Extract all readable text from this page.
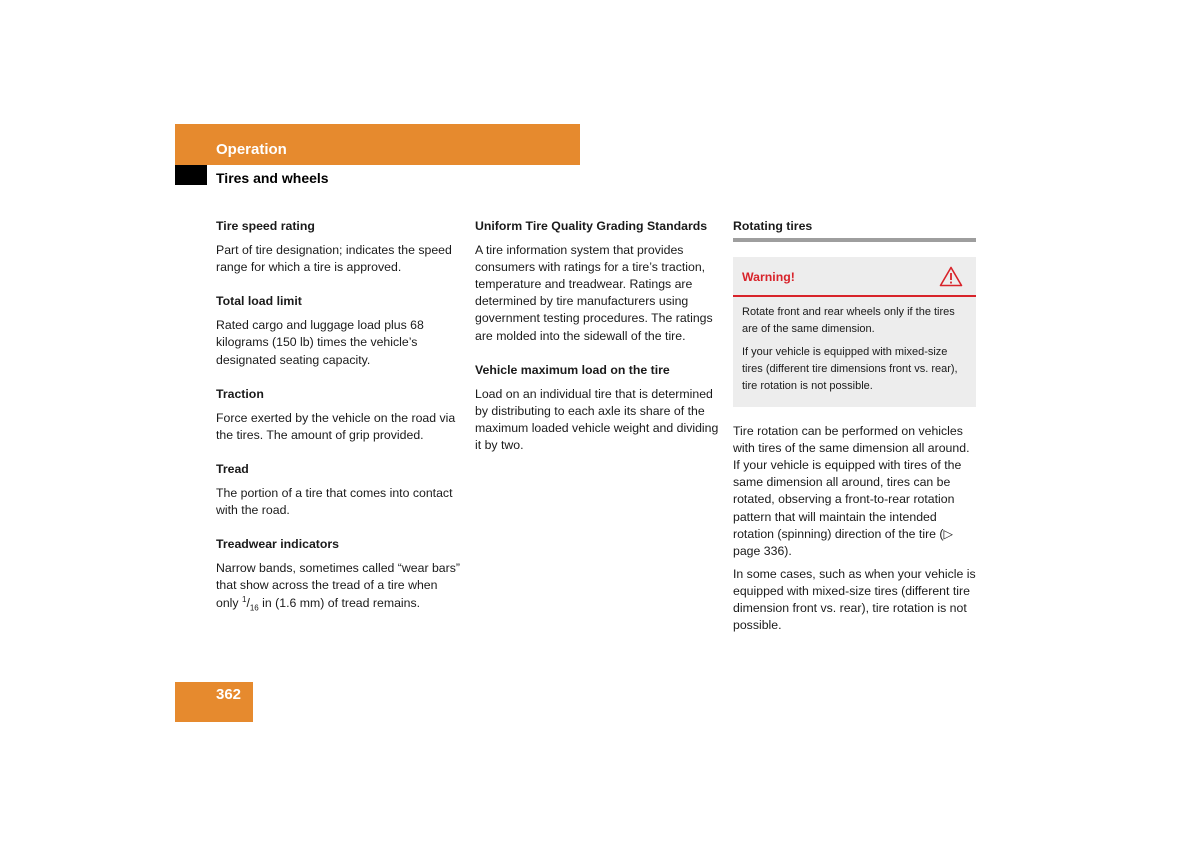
Operation
Tires and wheels

Tire speed rating

Part of tire designation; indicates the speed range for which a tire is approved.

Total load limit

Rated cargo and luggage load plus 68 kilograms (150 lb) times the vehicle’s designated seating capacity.

Traction

Force exerted by the vehicle on the road via the tires. The amount of grip provided.

Tread

The portion of a tire that comes into contact with the road.

Treadwear indicators

Narrow bands, sometimes called “wear bars” that show across the tread of a tire when only $^1/_{16}$ in (1.6 mm) of tread remains.

Uniform Tire Quality Grading Standards

A tire information system that provides consumers with ratings for a tire’s traction, temperature and treadwear. Ratings are determined by tire manufacturers using government testing procedures. The ratings are molded into the sidewall of the tire.

Vehicle maximum load on the tire

Load on an individual tire that is determined by distributing to each axle its share of the maximum loaded vehicle weight and dividing it by two.

Rotating tires

Warning!

Rotate front and rear wheels only if the tires are of the same dimension.

If your vehicle is equipped with mixed-size tires (different tire dimensions front vs. rear), tire rotation is not possible.

Tire rotation can be performed on vehicles with tires of the same dimension all around. If your vehicle is equipped with tires of the same dimension all around, tires can be rotated, observing a front-to-rear rotation pattern that will maintain the intended rotation (spinning) direction of the tire (▷ page 336).

In some cases, such as when your vehicle is equipped with mixed-size tires (different tire dimension front vs. rear), tire rotation is not possible.

362
